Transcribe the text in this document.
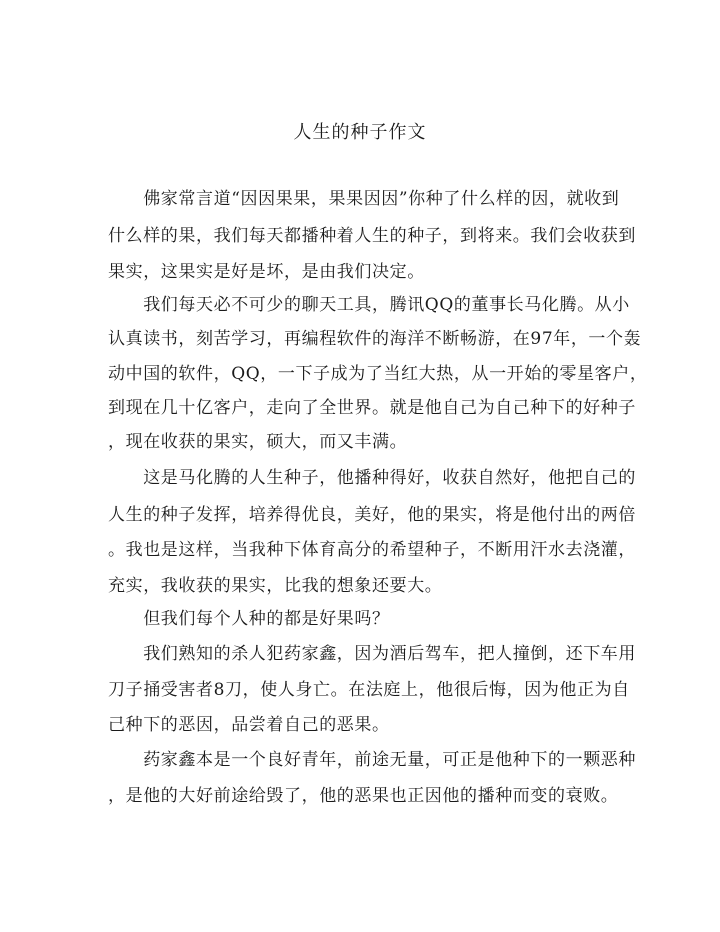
人生的种子作文
　　佛家常言道“因因果果，果果因因”你种了什么样的因，就收到
什么样的果，我们每天都播种着人生的种子，到将来。我们会收获到
果实，这果实是好是坏，是由我们决定。
　　我们每天必不可少的聊天工具，腾讯QQ的董事长马化腾。从小
认真读书，刻苦学习，再编程软件的海洋不断畅游，在97年，一个轰
动中国的软件，QQ，一下子成为了当红大热，从一开始的零星客户，
到现在几十亿客户，走向了全世界。就是他自己为自己种下的好种子
，现在收获的果实，硕大，而又丰满。
　　这是马化腾的人生种子，他播种得好，收获自然好，他把自己的
人生的种子发挥，培养得优良，美好，他的果实，将是他付出的两倍
。我也是这样，当我种下体育高分的希望种子，不断用汗水去浇灌，
充实，我收获的果实，比我的想象还要大。
　　但我们每个人种的都是好果吗？
　　我们熟知的杀人犯药家鑫，因为酒后驾车，把人撞倒，还下车用
刀子捅受害者8刀，使人身亡。在法庭上，他很后悔，因为他正为自
己种下的恶因，品尝着自己的恶果。
　　药家鑫本是一个良好青年，前途无量，可正是他种下的一颗恶种
，是他的大好前途给毁了，他的恶果也正因他的播种而变的衰败。
